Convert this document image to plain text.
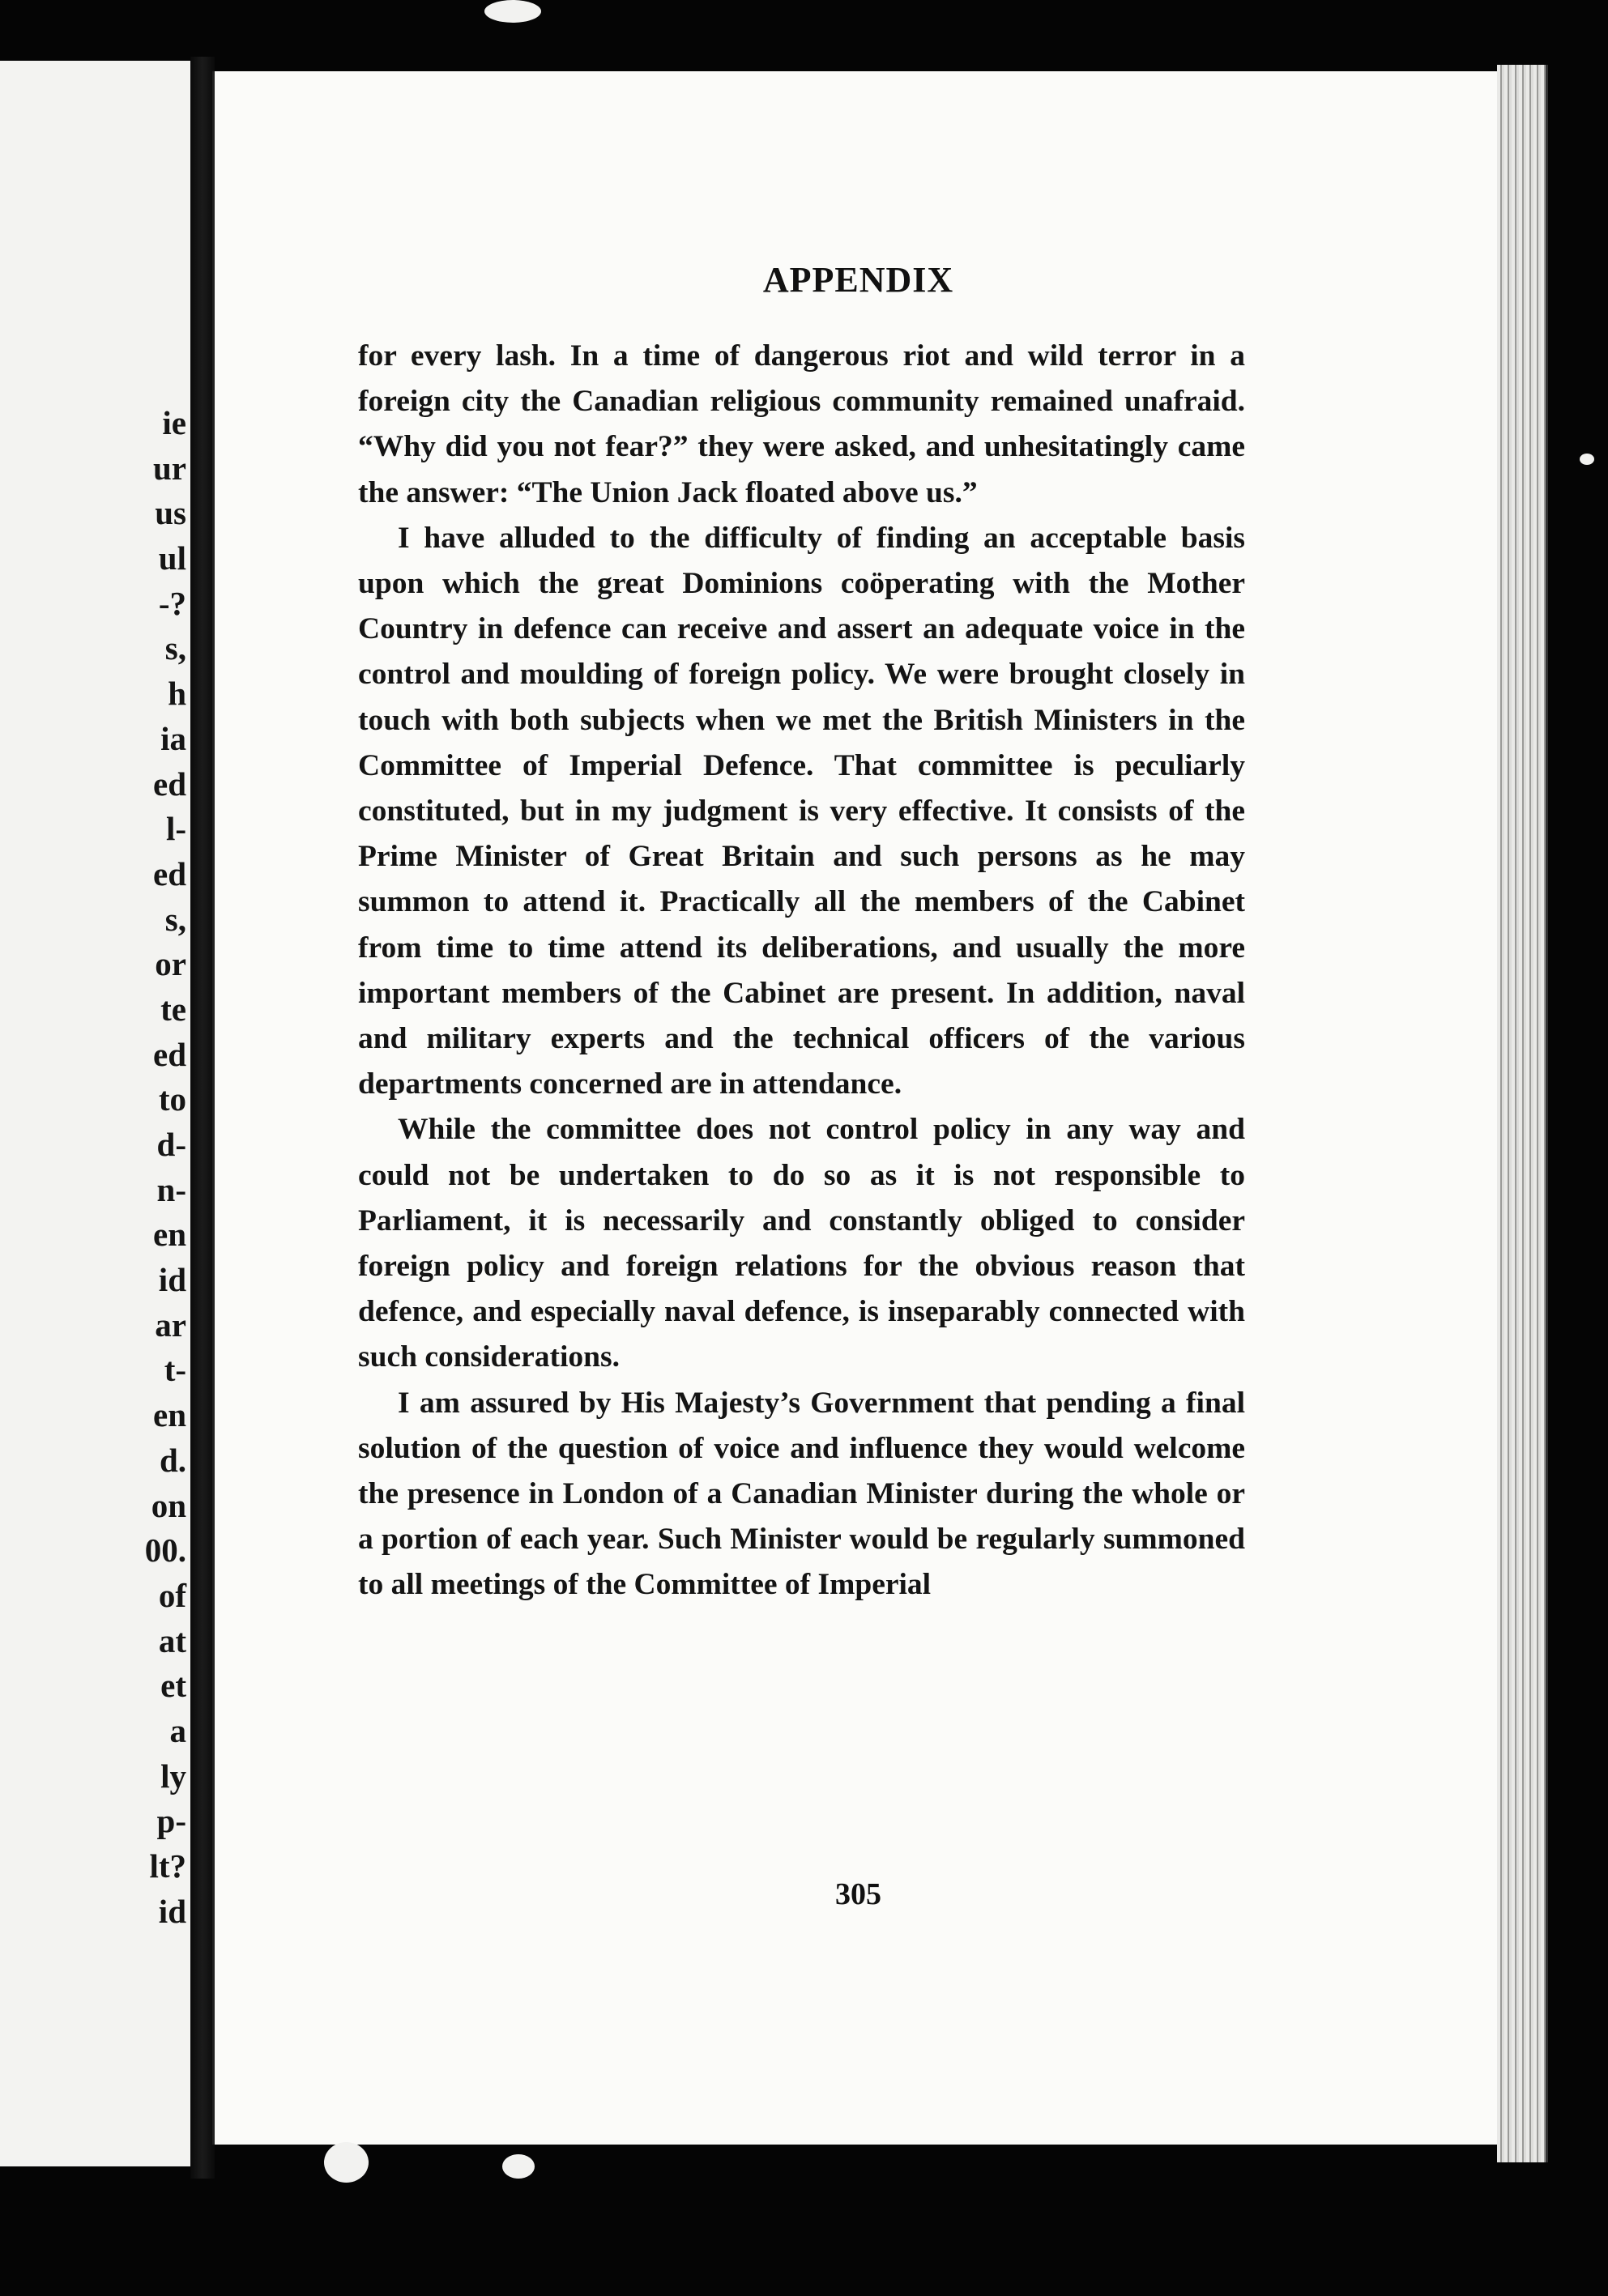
ie
ur
us
ul
-?
s,
h
ia
ed
l-
ed
s,
or
te
ed
to
d-
n-
en
id
ar
t-
en
d.
on
00.
of
at
et
a
ly
p-
lt?
id
APPENDIX

for every lash. In a time of dangerous riot and wild terror in a foreign city the Canadian religious community remained unafraid. “Why did you not fear?” they were asked, and unhesitatingly came the answer: “The Union Jack floated above us.”

I have alluded to the difficulty of finding an acceptable basis upon which the great Dominions coöperating with the Mother Country in defence can receive and assert an adequate voice in the control and moulding of foreign policy. We were brought closely in touch with both subjects when we met the British Ministers in the Committee of Imperial Defence. That committee is peculiarly constituted, but in my judgment is very effective. It consists of the Prime Minister of Great Britain and such persons as he may summon to attend it. Practically all the members of the Cabinet from time to time attend its deliberations, and usually the more important members of the Cabinet are present. In addition, naval and military experts and the technical officers of the various departments concerned are in attendance.

While the committee does not control policy in any way and could not be undertaken to do so as it is not responsible to Parliament, it is necessarily and constantly obliged to consider foreign policy and foreign relations for the obvious reason that defence, and especially naval defence, is inseparably connected with such considerations.

I am assured by His Majesty’s Government that pending a final solution of the question of voice and influence they would welcome the presence in London of a Canadian Minister during the whole or a portion of each year. Such Minister would be regularly summoned to all meetings of the Committee of Imperial

305
